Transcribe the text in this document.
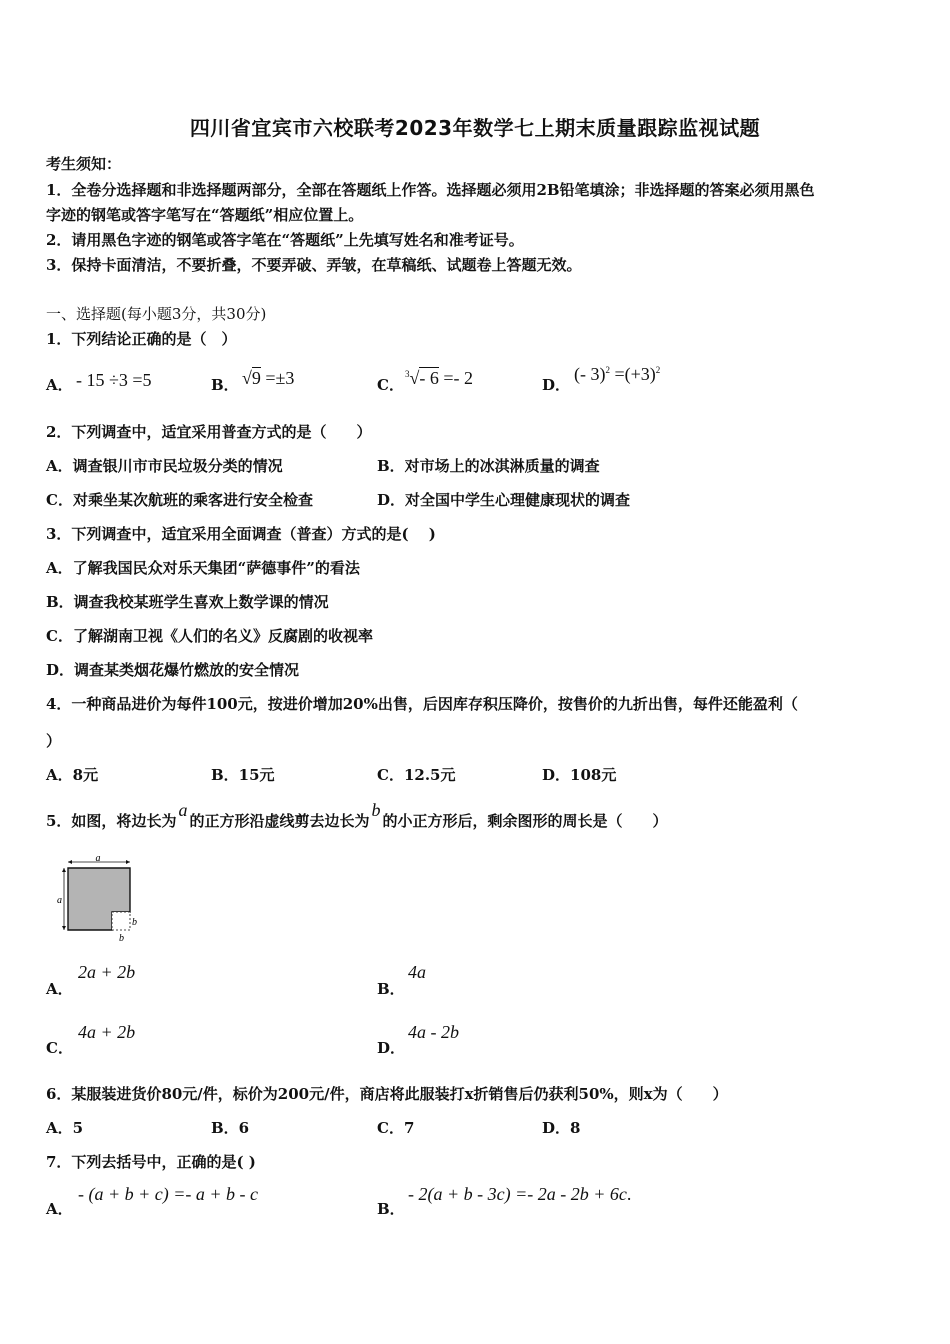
四川省宜宾市六校联考2023年数学七上期末质量跟踪监视试题
考生须知：
1．全卷分选择题和非选择题两部分，全部在答题纸上作答。选择题必须用2B铅笔填涂；非选择题的答案必须用黑色
字迹的钢笔或答字笔写在“答题纸”相应位置上。
2．请用黑色字迹的钢笔或答字笔在“答题纸”上先填写姓名和准考证号。
3．保持卡面清洁，不要折叠，不要弄破、弄皱，在草稿纸、试题卷上答题无效。
一、选择题(每小题3分，共30分)
1．下列结论正确的是（　）
A． - 15 ÷3 =5	B． √9 =±3	C．
$^3$√- 6 =- 2	D．
(- $3)^2 =(+3)^2$
2．下列调查中，适宜采用普查方式的是（　　）
A．调查银川市市民垃圾分类的情况	B．对市场上的冰淇淋质量的调查
C．对乘坐某次航班的乘客进行安全检查	D．对全国中学生心理健康现状的调查
3．下列调查中，适宜采用全面调查（普查）方式的是(　 )
A．了解我国民众对乐天集团“萨德事件”的看法
B．调查我校某班学生喜欢上数学课的情况
C．了解湖南卫视《人们的名义》反腐剧的收视率
D．调查某类烟花爆竹燃放的安全情况
4．一种商品进价为每件100元，按进价增加20%出售，后因库存积压降价，按售价的九折出售，每件还能盈利（
）
A．8元	B．15元	C．12.5元	D．108元
5．如图，将边长为a的正方形沿虚线剪去边长为b的小正方形后，剩余图形的周长是（　　）
a
a
b
b
A．
2a + 2b
B．
4a
C．
4a + 2b
D．
4a - 2b
6．某服装进货价80元/件，标价为200元/件，商店将此服装打x折销售后仍获利50%，则x为（　　）
A．5	B．6	C．7	D．8
7．下列去括号中，正确的是( )
A．
- (a + b + c) =- a + b - c
B．
- 2(a + b - 3c) =- 2a - 2b + 6c.
